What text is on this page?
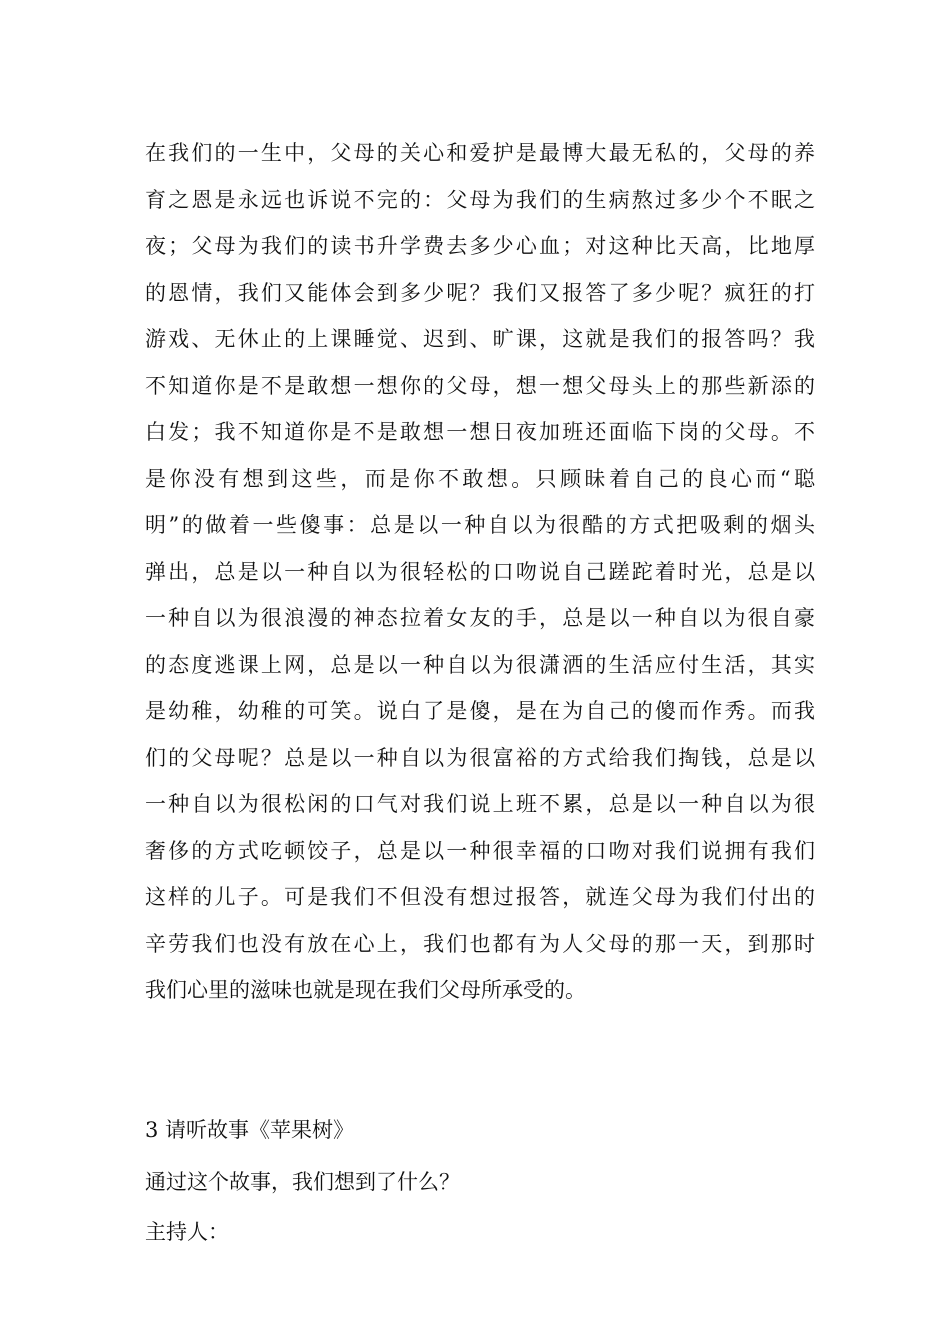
在我们的一生中，父母的关心和爱护是最博大最无私的，父母的养
育之恩是永远也诉说不完的：父母为我们的生病熬过多少个不眠之
夜；父母为我们的读书升学费去多少心血；对这种比天高，比地厚
的恩情，我们又能体会到多少呢？我们又报答了多少呢？疯狂的打
游戏、无休止的上课睡觉、迟到、旷课，这就是我们的报答吗？我
不知道你是不是敢想一想你的父母，想一想父母头上的那些新添的
白发；我不知道你是不是敢想一想日夜加班还面临下岗的父母。不
是你没有想到这些，而是你不敢想。只顾昧着自己的良心而“聪
明”的做着一些傻事：总是以一种自以为很酷的方式把吸剩的烟头
弹出，总是以一种自以为很轻松的口吻说自己蹉跎着时光，总是以
一种自以为很浪漫的神态拉着女友的手，总是以一种自以为很自豪
的态度逃课上网，总是以一种自以为很潇洒的生活应付生活，其实
是幼稚，幼稚的可笑。说白了是傻，是在为自己的傻而作秀。而我
们的父母呢？总是以一种自以为很富裕的方式给我们掏钱，总是以
一种自以为很松闲的口气对我们说上班不累，总是以一种自以为很
奢侈的方式吃顿饺子，总是以一种很幸福的口吻对我们说拥有我们
这样的儿子。可是我们不但没有想过报答，就连父母为我们付出的
辛劳我们也没有放在心上，我们也都有为人父母的那一天，到那时
我们心里的滋味也就是现在我们父母所承受的。
3 请听故事《苹果树》
通过这个故事，我们想到了什么？
主持人：
